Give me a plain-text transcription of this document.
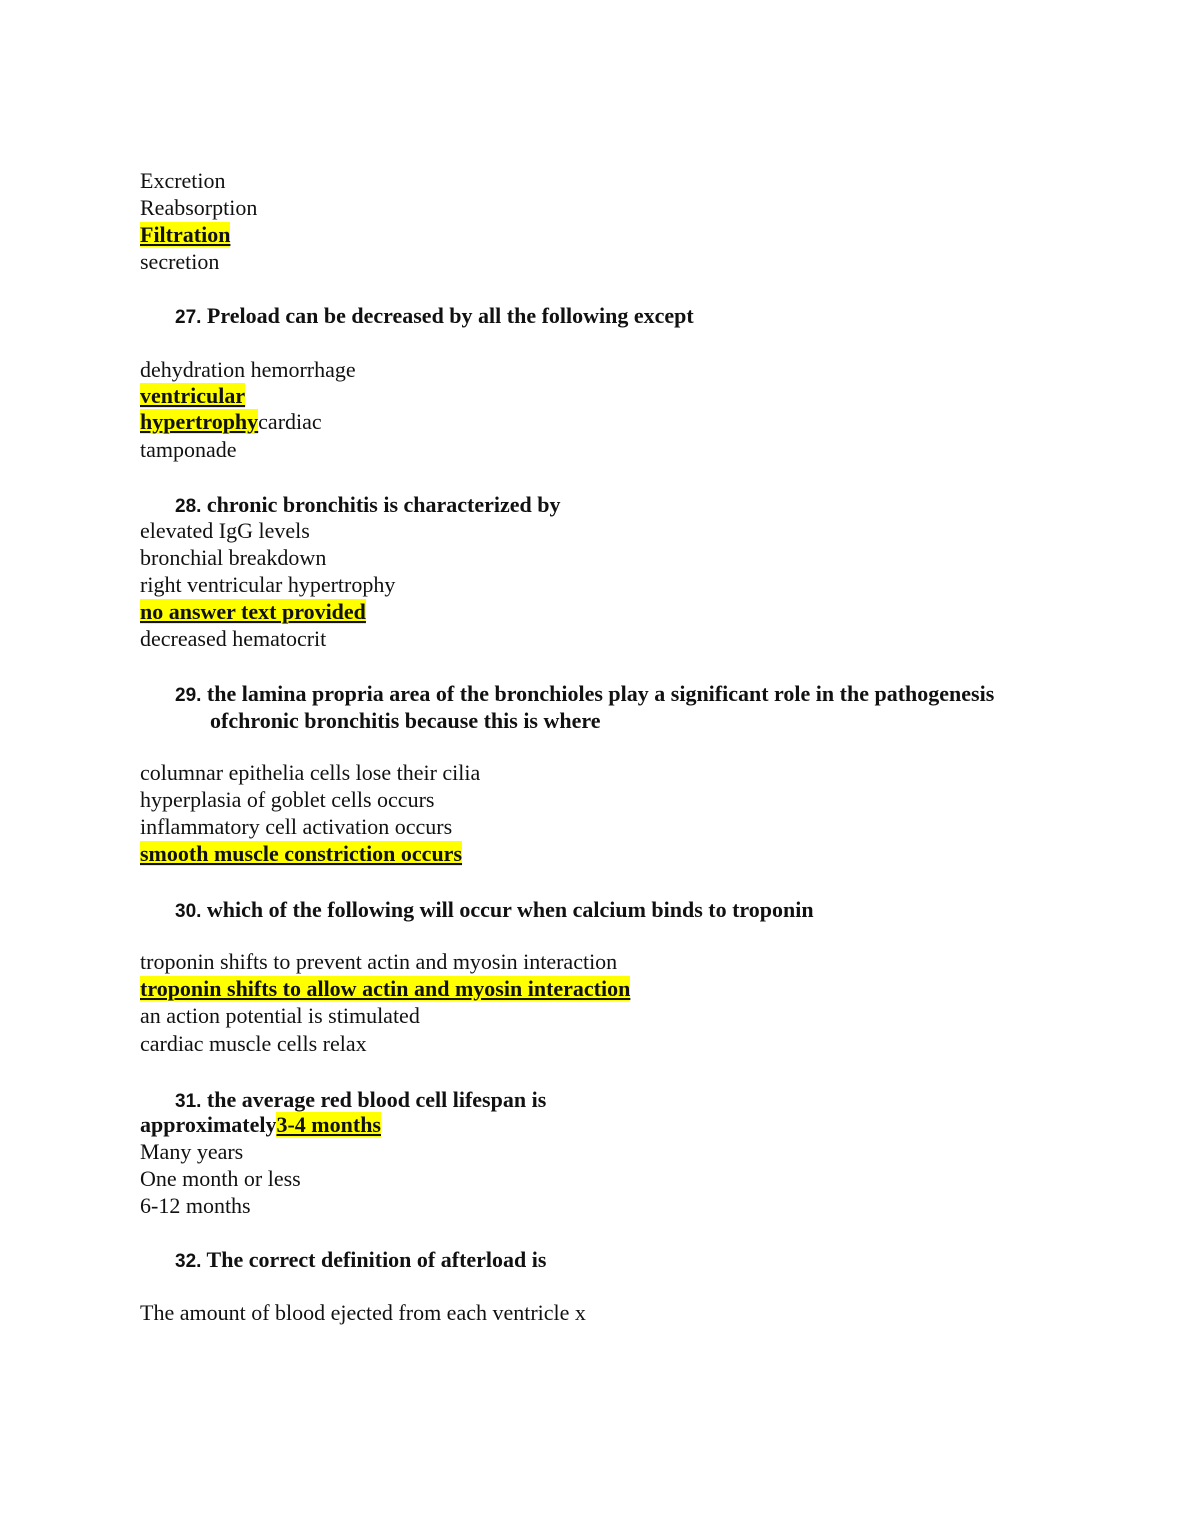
Excretion
Reabsorption
Filtration
secretion
27. Preload can be decreased by all the following except
dehydration hemorrhage
ventricular
hypertrophycardiac
tamponade
28. chronic bronchitis is characterized by
elevated IgG levels
bronchial breakdown
right ventricular hypertrophy
no answer text provided
decreased hematocrit
29. the lamina propria area of the bronchioles play a significant role in the pathogenesis
ofchronic bronchitis because this is where
columnar epithelia cells lose their cilia
hyperplasia of goblet cells occurs
inflammatory cell activation occurs
smooth muscle constriction occurs
30. which of the following will occur when calcium binds to troponin
troponin shifts to prevent actin and myosin interaction
troponin shifts to allow actin and myosin interaction
an action potential is stimulated
cardiac muscle cells relax
31. the average red blood cell lifespan is
approximately3-4 months
Many years
One month or less
6-12 months
32. The correct definition of afterload is
The amount of blood ejected from each ventricle x
